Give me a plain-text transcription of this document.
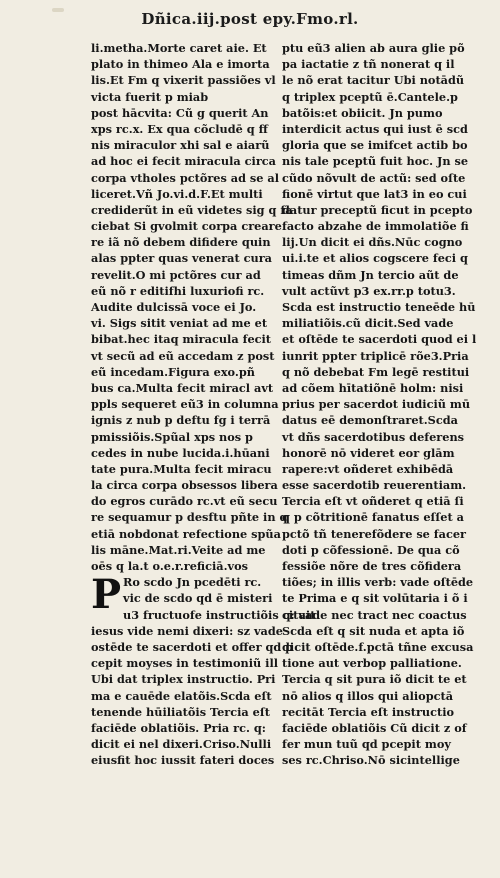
Dñica.iij.post epy.Fmo.rl.
li.metha.Morte caret aie. Et
plato in thimeo Ala e imorta
lis.Et Fm q vixerit passiões vl
victa fuerit p miab
post hācvita: Cũ g querit An
xps rc.x. Ex qua cõcludē q ff
nis miraculor xhi sal e aiarũ
ad hoc ei fecit miracula circa
corpa vtholes pctõres ad se al
liceret.Vñ Jo.vi.d.F.Et multi
crediderũt in eũ videtes sig q fa
ciebat Si gvolmit corpa creare
re iã nõ debem difidere quin
alas ppter quas venerat cura
revelit.O mi pctõres cur ad
eũ nõ r editifhi luxuriofi rc.
Audite dulcissā voce ei Jo.
vi. Sigs sitit veniat ad me et
bibat.hec itaq miracula fecit
vt secũ ad eũ accedam z post
eũ incedam.Figura exo.pñ
bus ca.Multa fecit miracl avt
ppls sequeret eũ3 in columna
ignis z nub p deftu fg i terrā
pmissiõis.Spũal xps nos p
cedes in nube lucida.i.hūani
tate pura.Multa fecit miracu
la circa corpa obsessos libera
do egros curādo rc.vt eũ secu
re sequamur p desftu pñte in q
etiā nobdonat refectione spũa
lis māne.Mat.ri.Veite ad me
oēs q la.t o.e.r.reficiā.vos
P Ro scdo Jn pcedēti rc.
vic de scdo qd ē misteri
u3 fructuofe instructiõis q: ait
iesus vide nemi dixeri: sz vade
ostēde te sacerdoti et offer qd p
cepit moyses in testimoniũ ill
Ubi dat triplex instructio. Pri
ma e cauēde elatõis.Scda eſt
tenende hūiliatõis Tercia eſt
faciēde oblatiõis. Pria rc. q:
dicit ei nel dixeri.Criso.Nulli
eiusfit hoc iussit fateri doces
ptu eũ3 alien ab aura glie põ
pa iactatie z tñ nonerat q il
le nõ erat tacitur Ubi notādũ
q triplex pceptũ ē.Cantele.p
batõis:et obiicit. Jn pumo
interdicit actus qui iust ē scd
gloria que se imifcet actib bo
nis tale pceptũ fuit hoc. Jn se
cũdo nõvult de actũ: sed oſte
fionē virtut que lat3 in eo cui
datur preceptũ ficut in pcepto
facto abzahe de immolatiõe fi
lij.Un dicit ei dñs.Nūc cogno
ui.i.te et alios cogscere feci q
timeas dñm Jn tercio aũt de
vult actũvt p3 ex.rr.p totu3.
Scda est instructio teneēde hū
miliatiõis.cũ dicit.Sed vade
et oſtēde te sacerdoti quod ei l
iunrit ppter triplicē rõe3.Pria
q nõ debebat Fm legē restitui
ad cõem hītatiõnē holm: nisi
prius per sacerdot iudiciũ mū
datus eē demonſtraret.Scda
vt dñs sacerdotibus deferens
honorē nō videret eor glām
rapere:vt oñderet exhibēdā
esse sacerdotib reuerentiam.
Tercia eſt vt oñderet q etiā ſi
q p cõtritionē fanatus eſſet a
pctõ tñ tenerefõdere se facer
doti p cõfessionē. De qua cõ
fessiõe nõre de tres cõfidera
tiões; in illis verb: vade oſtēde
te Prima e q sit volūtaria i õ i
citvade nec tract nec coactus
Scda eſt q sit nuda et apta iõ
dicit oſtēde.f.pctā tñne excusa
tione aut verbop palliatione.
Tercia q sit pura iõ dicit te et
nō alios q illos qui aliopctā
recitāt Tercia eſt instructio
faciēde oblatiõis Cũ dicit z of
fer mun tuũ qd pcepit moy
ses rc.Chriso.Nō sicintellige
